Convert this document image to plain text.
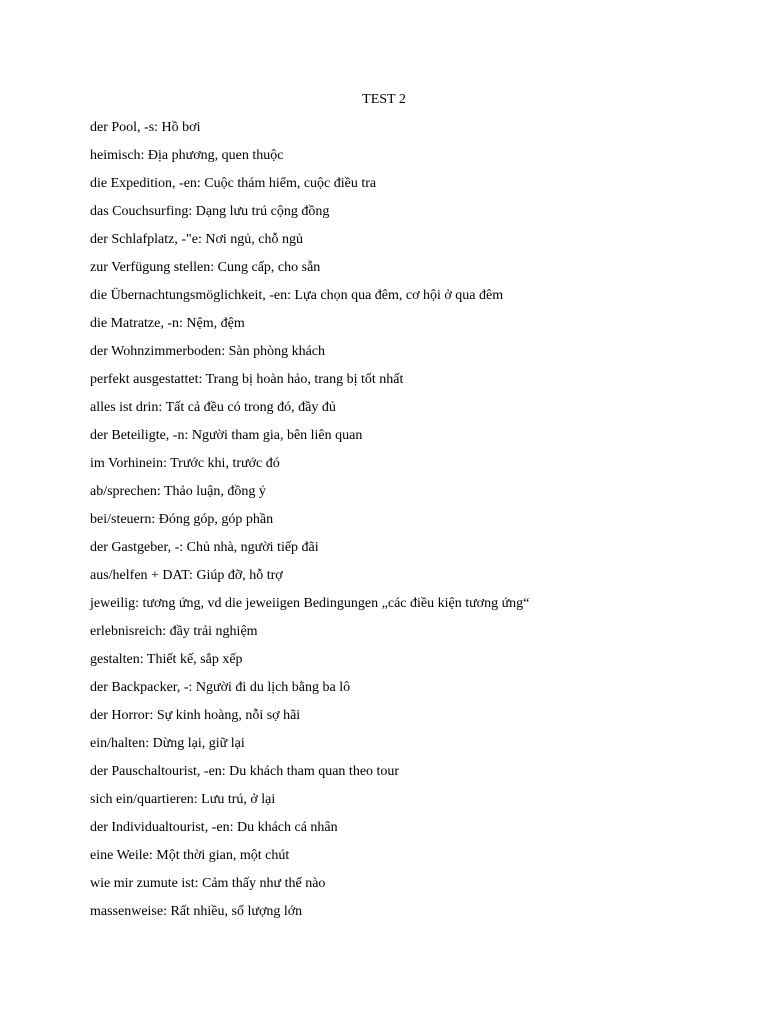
TEST 2
der Pool, -s: Hồ bơi
heimisch: Địa phương, quen thuộc
die Expedition, -en: Cuộc thám hiểm, cuộc điều tra
das Couchsurfing: Dạng lưu trú cộng đồng
der Schlafplatz, -"e: Nơi ngủ, chỗ ngủ
zur Verfügung stellen: Cung cấp, cho sẵn
die Übernachtungsmöglichkeit, -en: Lựa chọn qua đêm, cơ hội ở qua đêm
die Matratze, -n: Nệm, đệm
der Wohnzimmerboden: Sàn phòng khách
perfekt ausgestattet: Trang bị hoàn hảo, trang bị tốt nhất
alles ist drin: Tất cả đều có trong đó, đầy đủ
der Beteiligte, -n: Người tham gia, bên liên quan
im Vorhinein: Trước khi, trước đó
ab/sprechen: Thảo luận, đồng ý
bei/steuern: Đóng góp, góp phần
der Gastgeber, -: Chủ nhà, người tiếp đãi
aus/helfen + DAT: Giúp đỡ, hỗ trợ
jeweilig: tương ứng, vd die jeweiigen Bedingungen „các điều kiện tương ứng“
erlebnisreich: đầy trải nghiệm
gestalten: Thiết kế, sắp xếp
der Backpacker, -: Người đi du lịch bằng ba lô
der Horror: Sự kinh hoàng, nỗi sợ hãi
ein/halten: Dừng lại, giữ lại
der Pauschaltourist, -en: Du khách tham quan theo tour
sich ein/quartieren: Lưu trú, ở lại
der Individualtourist, -en: Du khách cá nhân
eine Weile: Một thời gian, một chút
wie mir zumute ist: Cảm thấy như thế nào
massenweise: Rất nhiều, số lượng lớn
